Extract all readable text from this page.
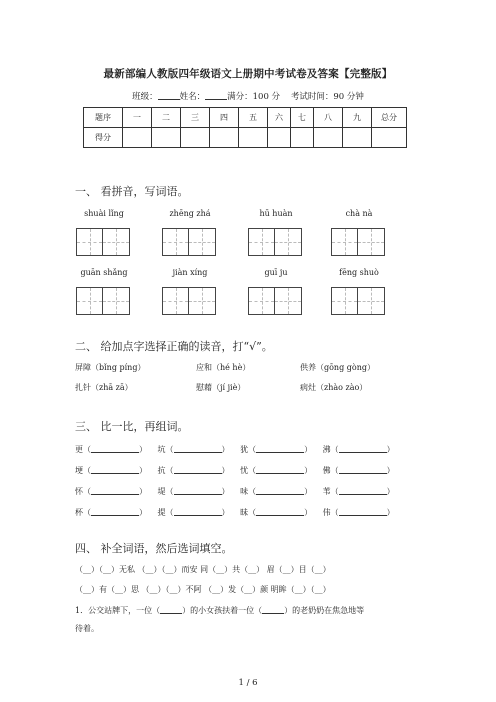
最新部编人教版四年级语文上册期中考试卷及答案【完整版】
班级：	姓名：	满分：100 分 考试时间：90 分钟
题序	一	二	三	四	五	六	七	八	九	总分
得分										
一、 看拼音，写词语。
shuài lǐng	zhēng zhá	hū huàn	chà nà
guān shǎng	jiàn xíng	guī ju	fēng shuò
二、 给加点字选择正确的读音，打“√”。
屏障（bǐng píng）	应和（hé hè）	供养（gōng gòng）
扎针（zhā zā）	慰藉（jí jiè）	病灶（zhào zào）
三、 比一比，再组词。
更（	） 坑（	） 犹（	） 沸（	）
埂（	） 抗（	） 忧（	） 佛（	）
怀（	） 堤（	） 味（	） 苇（	）
杯（	） 提（	） 昧（	） 伟（	）
四、 补全词语，然后选词填空。
（__）（__）无私 （__）（__）而安 同（__）共（__） 眉（__）目（__）
（__）有（__）思 （__）（__）不阿 （__）发（__）颜 明眸（__）（__）
1．公交站牌下，一位（	）的小女孩扶着一位（	）的老奶奶在焦急地等
待着。
1 / 6
